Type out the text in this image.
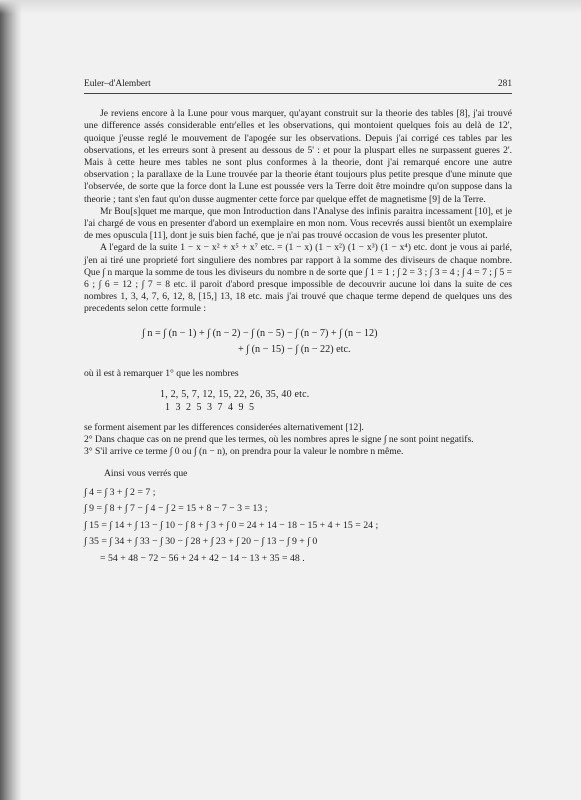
Euler–d'Alembert	281

Je reviens encore à la Lune pour vous marquer, qu'ayant construit sur la theorie des tables [8], j'ai trouvé une difference assés considerable entr'elles et les observations, qui montoient quelques fois au delà de 12', quoique j'eusse reglé le mouvement de l'apogée sur les observations. Depuis j'ai corrigé ces tables par les observations, et les erreurs sont à present au dessous de 5' : et pour la pluspart elles ne surpassent gueres 2'. Mais à cette heure mes tables ne sont plus conformes à la theorie, dont j'ai remarqué encore une autre observation ; la parallaxe de la Lune trouvée par la theorie étant toujours plus petite presque d'une minute que l'observée, de sorte que la force dont la Lune est poussée vers la Terre doit être moindre qu'on suppose dans la theorie ; tant s'en faut qu'on dusse augmenter cette force par quelque effet de magnetisme [9] de la Terre.

Mr Bou[s]quet me marque, que mon Introduction dans l'Analyse des infinis paraitra incessament [10], et je l'ai chargé de vous en presenter d'abord un exemplaire en mon nom. Vous recevrés aussi bientôt un exemplaire de mes opuscula [11], dont je suis bien faché, que je n'ai pas trouvé occasion de vous les presenter plutot.

A l'egard de la suite 1 − x − x² + x⁵ + x⁷ etc. = (1 − x) (1 − x²) (1 − x³) (1 − x⁴) etc. dont je vous ai parlé, j'en ai tiré une proprieté fort singuliere des nombres par rapport à la somme des diviseurs de chaque nombre. Que ∫ n marque la somme de tous les diviseurs du nombre n de sorte que ∫ 1 = 1 ; ∫ 2 = 3 ; ∫ 3 = 4 ; ∫ 4 = 7 ; ∫ 5 = 6 ; ∫ 6 = 12 ; ∫ 7 = 8 etc. il paroit d'abord presque impossible de decouvrir aucune loi dans la suite de ces nombres 1, 3, 4, 7, 6, 12, 8, [15,] 13, 18 etc. mais j'ai trouvé que chaque terme depend de quelques uns des precedents selon cette formule :

∫ n = ∫ (n − 1) + ∫ (n − 2) − ∫ (n − 5) − ∫ (n − 7) + ∫ (n − 12)
+ ∫ (n − 15) − ∫ (n − 22) etc.

où il est à remarquer 1° que les nombres

1, 2, 5, 7, 12, 15, 22, 26, 35, 40 etc.
1 3 2 5 3 7 4 9 5

se forment aisement par les differences considerées alternativement [12].

2° Dans chaque cas on ne prend que les termes, où les nombres apres le signe ∫ ne sont point negatifs.

3° S'il arrive ce terme ∫ 0 ou ∫ (n − n), on prendra pour la valeur le nombre n même.

Ainsi vous verrés que

∫ 4 = ∫ 3 + ∫ 2 = 7 ;
∫ 9 = ∫ 8 + ∫ 7 − ∫ 4 − ∫ 2 = 15 + 8 − 7 − 3 = 13 ;
∫ 15 = ∫ 14 + ∫ 13 − ∫ 10 − ∫ 8 + ∫ 3 + ∫ 0 = 24 + 14 − 18 − 15 + 4 + 15 = 24 ;
∫ 35 = ∫ 34 + ∫ 33 − ∫ 30 − ∫ 28 + ∫ 23 + ∫ 20 − ∫ 13 − ∫ 9 + ∫ 0
= 54 + 48 − 72 − 56 + 24 + 42 − 14 − 13 + 35 = 48 .
